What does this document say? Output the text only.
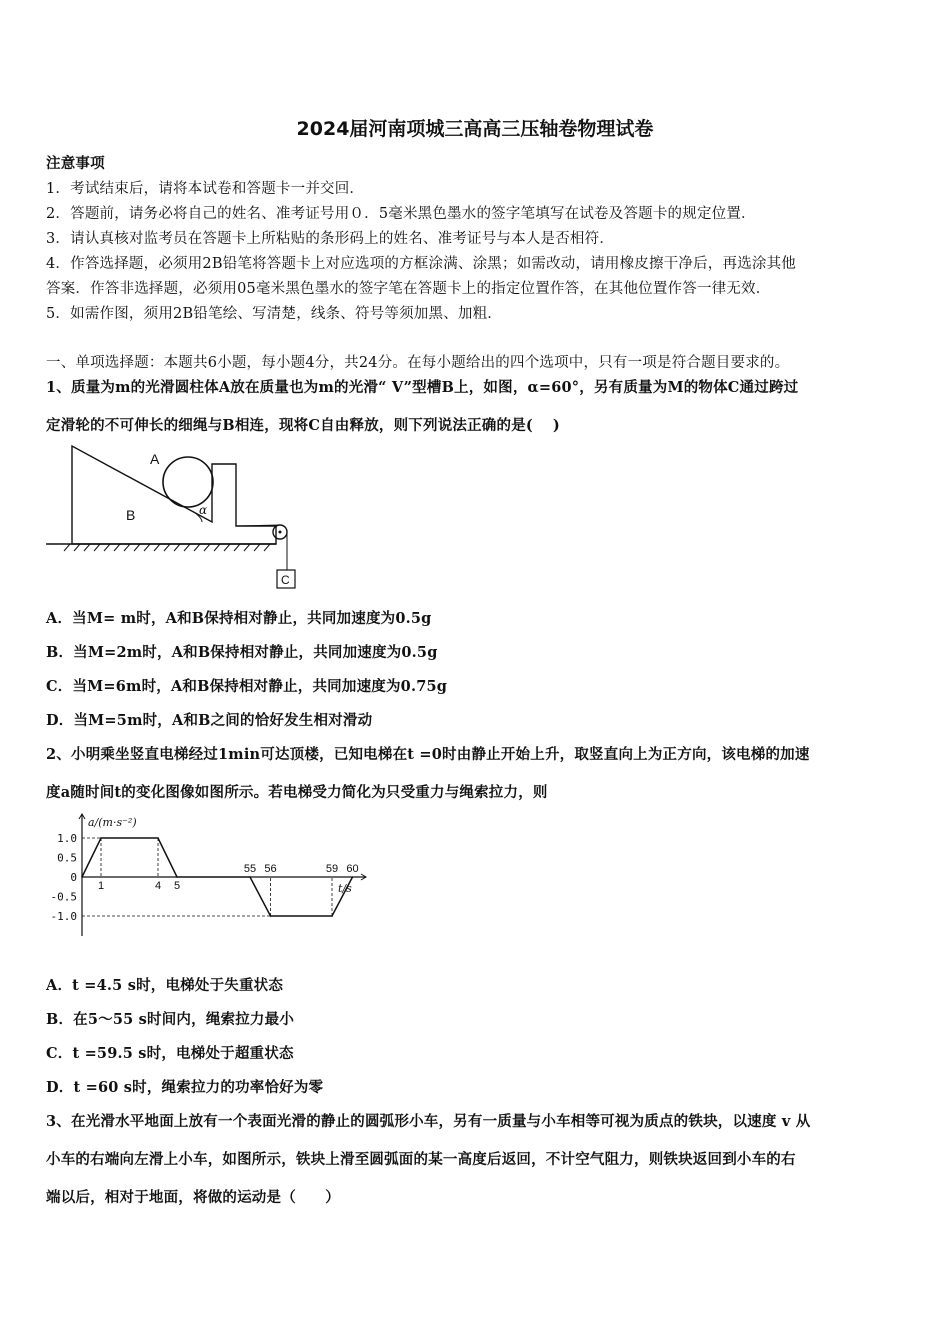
2024届河南项城三高高三压轴卷物理试卷
注意事项
1．考试结束后，请将本试卷和答题卡一并交回．
2．答题前，请务必将自己的姓名、准考证号用０．5毫米黑色墨水的签字笔填写在试卷及答题卡的规定位置．
3．请认真核对监考员在答题卡上所粘贴的条形码上的姓名、准考证号与本人是否相符．
4．作答选择题，必须用2B铅笔将答题卡上对应选项的方框涂满、涂黑；如需改动，请用橡皮擦干净后，再选涂其他
答案．作答非选择题，必须用05毫米黑色墨水的签字笔在答题卡上的指定位置作答，在其他位置作答一律无效．
5．如需作图，须用2B铅笔绘、写清楚，线条、符号等须加黑、加粗．
一、单项选择题：本题共6小题，每小题4分，共24分。在每小题给出的四个选项中，只有一项是符合题目要求的。
1、质量为m的光滑圆柱体A放在质量也为m的光滑“ V”型槽B上，如图，α=60°，另有质量为M的物体C通过跨过
定滑轮的不可伸长的细绳与B相连，现将C自由释放，则下列说法正确的是(　 )
A
B	α
C
A．当M= m时，A和B保持相对静止，共同加速度为0.5g
B．当M=2m时，A和B保持相对静止，共同加速度为0.5g
C．当M=6m时，A和B保持相对静止，共同加速度为0.75g
D．当M=5m时，A和B之间的恰好发生相对滑动
2、小明乘坐竖直电梯经过1min可达顶楼，已知电梯在t =0时由静止开始上升，取竖直向上为正方向，该电梯的加速
度a随时间t的变化图像如图所示。若电梯受力简化为只受重力与绳索拉力，则
a/(m·s⁻²)
t/s
1.0
0.5
0
-0.5
-1.0
1	4 5
55 56	59 60
A．t =4.5 s时，电梯处于失重状态
B．在5～55 s时间内，绳索拉力最小
C．t =59.5 s时，电梯处于超重状态
D．t =60 s时，绳索拉力的功率恰好为零
3、在光滑水平地面上放有一个表面光滑的静止的圆弧形小车，另有一质量与小车相等可视为质点的铁块，以速度 v 从
小车的右端向左滑上小车，如图所示，铁块上滑至圆弧面的某一高度后返回，不计空气阻力，则铁块返回到小车的右
端以后，相对于地面，将做的运动是（　　）
